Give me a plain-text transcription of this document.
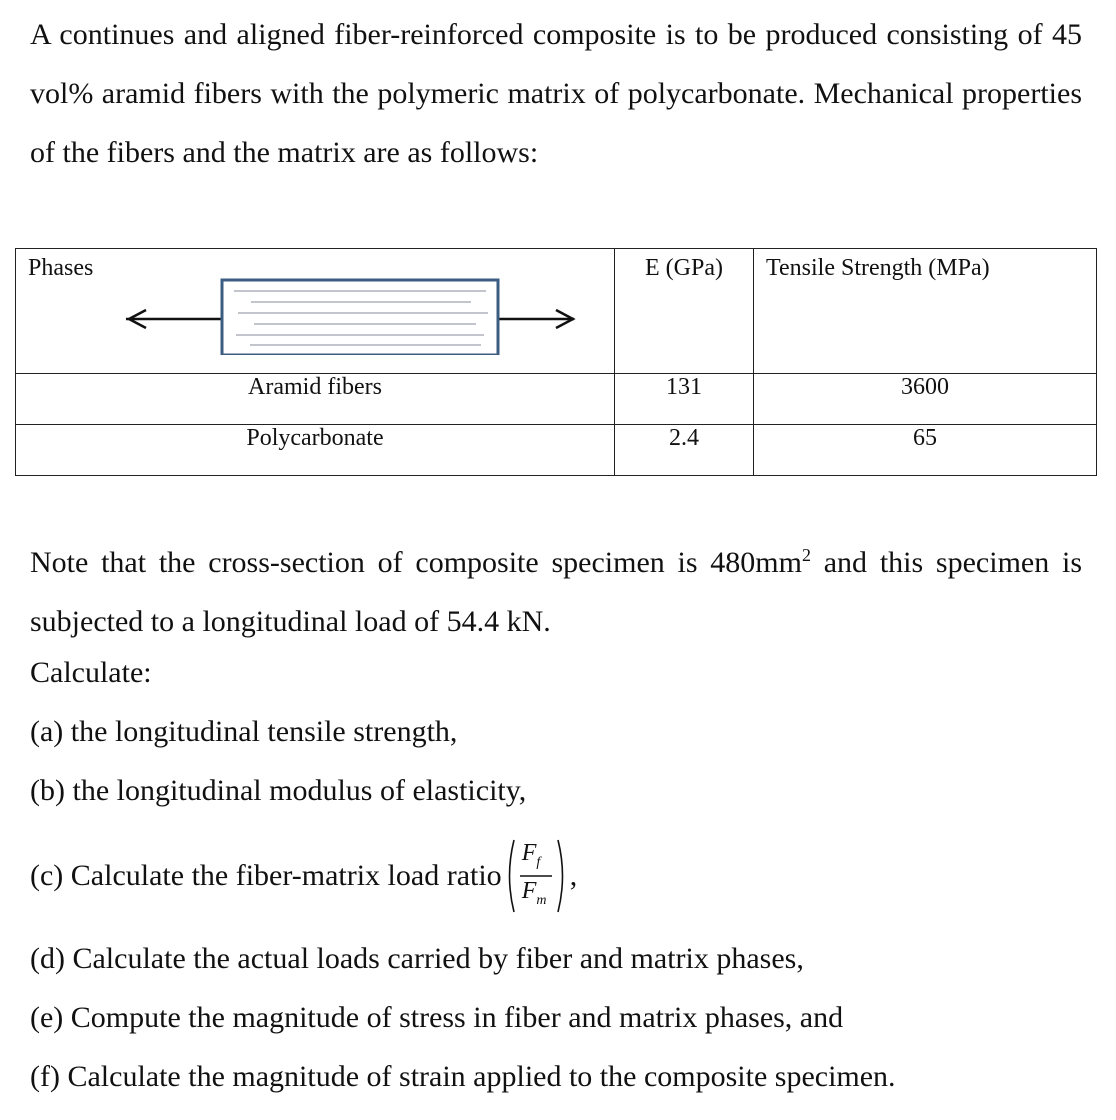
A continues and aligned fiber-reinforced composite is to be produced consisting of 45 vol% aramid fibers with the polymeric matrix of polycarbonate. Mechanical properties of the fibers and the matrix are as follows:

Phases	E (GPa)	Tensile Strength (MPa)

Aramid fibers	131	3600
Polycarbonate	2.4	65

Note that the cross-section of composite specimen is $480mm^2$ and this specimen is subjected to a longitudinal load of 54.4 kN.

Calculate:

(a) the longitudinal tensile strength,

(b) the longitudinal modulus of elasticity,

(c) Calculate the fiber-matrix load ratio
$F_f$
$F_m$
,

(d) Calculate the actual loads carried by fiber and matrix phases,

(e) Compute the magnitude of stress in fiber and matrix phases, and

(f) Calculate the magnitude of strain applied to the composite specimen.
